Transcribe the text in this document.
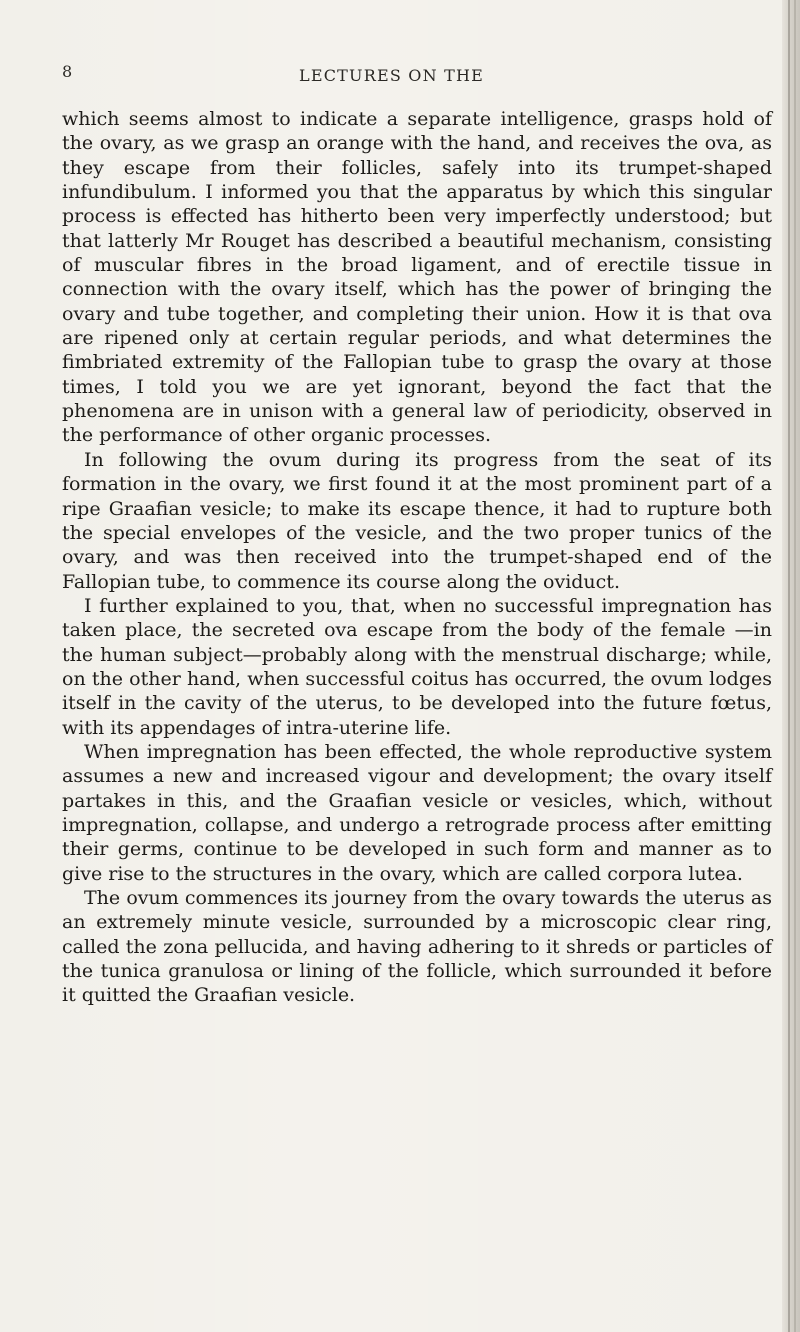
8	LECTURES ON THE

which seems almost to indicate a separate intelligence, grasps hold of the ovary, as we grasp an orange with the hand, and receives the ova, as they escape from their follicles, safely into its trumpet-shaped infundibulum. I informed you that the apparatus by which this singular process is effected has hitherto been very imperfectly understood; but that latterly Mr Rouget has described a beautiful mechanism, consisting of muscular fibres in the broad ligament, and of erectile tissue in connection with the ovary itself, which has the power of bringing the ovary and tube together, and completing their union. How it is that ova are ripened only at certain regular periods, and what determines the fimbriated extremity of the Fallopian tube to grasp the ovary at those times, I told you we are yet ignorant, beyond the fact that the phenomena are in unison with a general law of periodicity, observed in the performance of other organic processes.

In following the ovum during its progress from the seat of its formation in the ovary, we first found it at the most prominent part of a ripe Graafian vesicle; to make its escape thence, it had to rupture both the special envelopes of the vesicle, and the two proper tunics of the ovary, and was then received into the trumpet-shaped end of the Fallopian tube, to commence its course along the oviduct.

I further explained to you, that, when no successful impregnation has taken place, the secreted ova escape from the body of the female —in the human subject—probably along with the menstrual discharge; while, on the other hand, when successful coitus has occurred, the ovum lodges itself in the cavity of the uterus, to be developed into the future fœtus, with its appendages of intra-uterine life.

When impregnation has been effected, the whole reproductive system assumes a new and increased vigour and development; the ovary itself partakes in this, and the Graafian vesicle or vesicles, which, without impregnation, collapse, and undergo a retrograde process after emitting their germs, continue to be developed in such form and manner as to give rise to the structures in the ovary, which are called corpora lutea.

The ovum commences its journey from the ovary towards the uterus as an extremely minute vesicle, surrounded by a microscopic clear ring, called the zona pellucida, and having adhering to it shreds or particles of the tunica granulosa or lining of the follicle, which surrounded it before it quitted the Graafian vesicle.
